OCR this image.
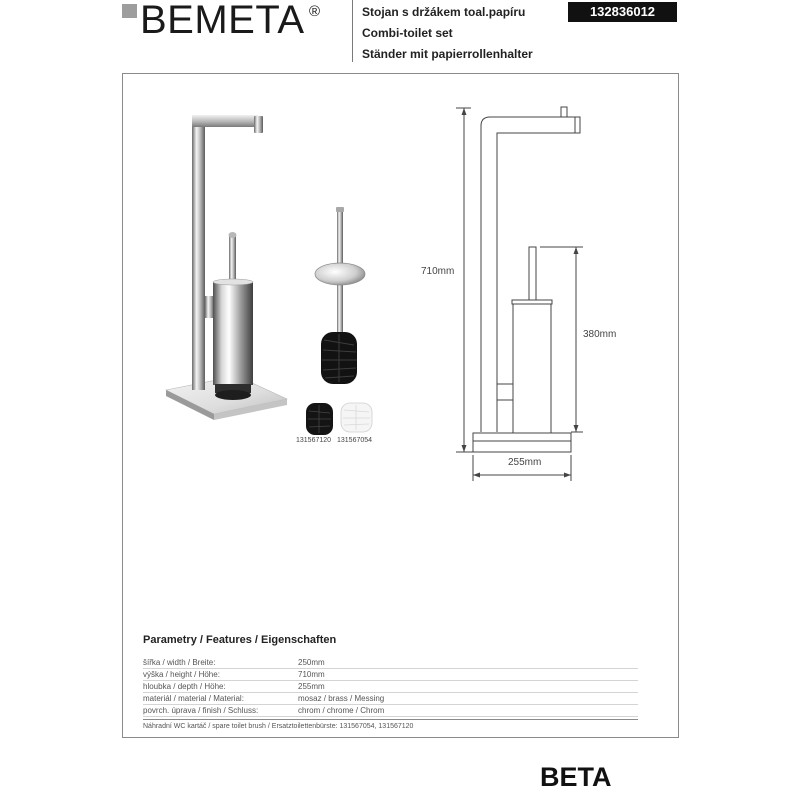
BEMETA ®	Stojan s držákem toal.papíru	132836012
Combi-toilet set
Ständer mit papierrollenhalter
131567120 131567054
710mm
380mm
255mm
Parametry / Features / Eigenschaften
šířka / width / Breite:	250mm
výška / height / Höhe:	710mm
hloubka / depth / Höhe:	255mm
materiál / material / Material:	mosaz / brass / Messing
povrch. úprava / finish / Schluss:	chrom / chrome / Chrom
Náhradní WC kartáč / spare toilet brush / Ersatztoilettenbürste: 131567054, 131567120
BETA
